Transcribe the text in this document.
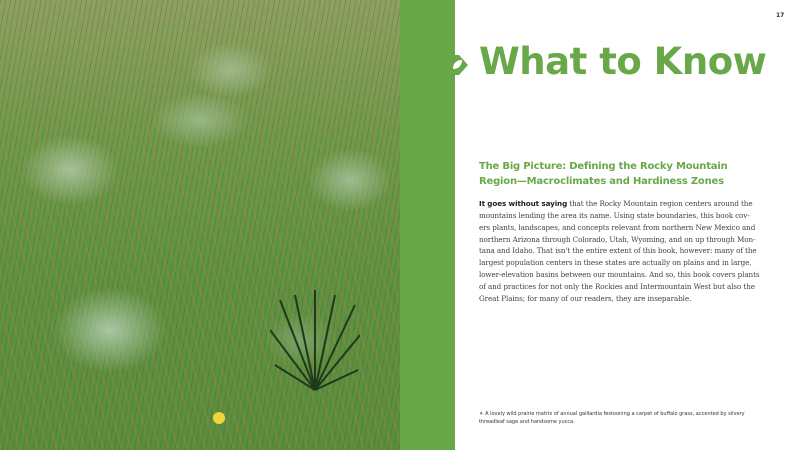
17
What to Know
The Big Picture: Defining the Rocky Mountain
Region—Macroclimates and Hardiness Zones
It goes without saying that the Rocky Mountain region centers around the
mountains lending the area its name. Using state boundaries, this book cov-
ers plants, landscapes, and concepts relevant from northern New Mexico and
northern Arizona through Colorado, Utah, Wyoming, and on up through Mon-
tana and Idaho. That isn't the entire extent of this book, however: many of the
largest population centers in these states are actually on plains and in large,
lower-elevation basins between our mountains. And so, this book covers plants
of and practices for not only the Rockies and Intermountain West but also the
Great Plains; for many of our readers, they are inseparable.
♦ A lovely wild prairie matrix of annual gaillardia festooning a carpet of buffalo grass, accented by silvery threadleaf sage and handsome yucca.
